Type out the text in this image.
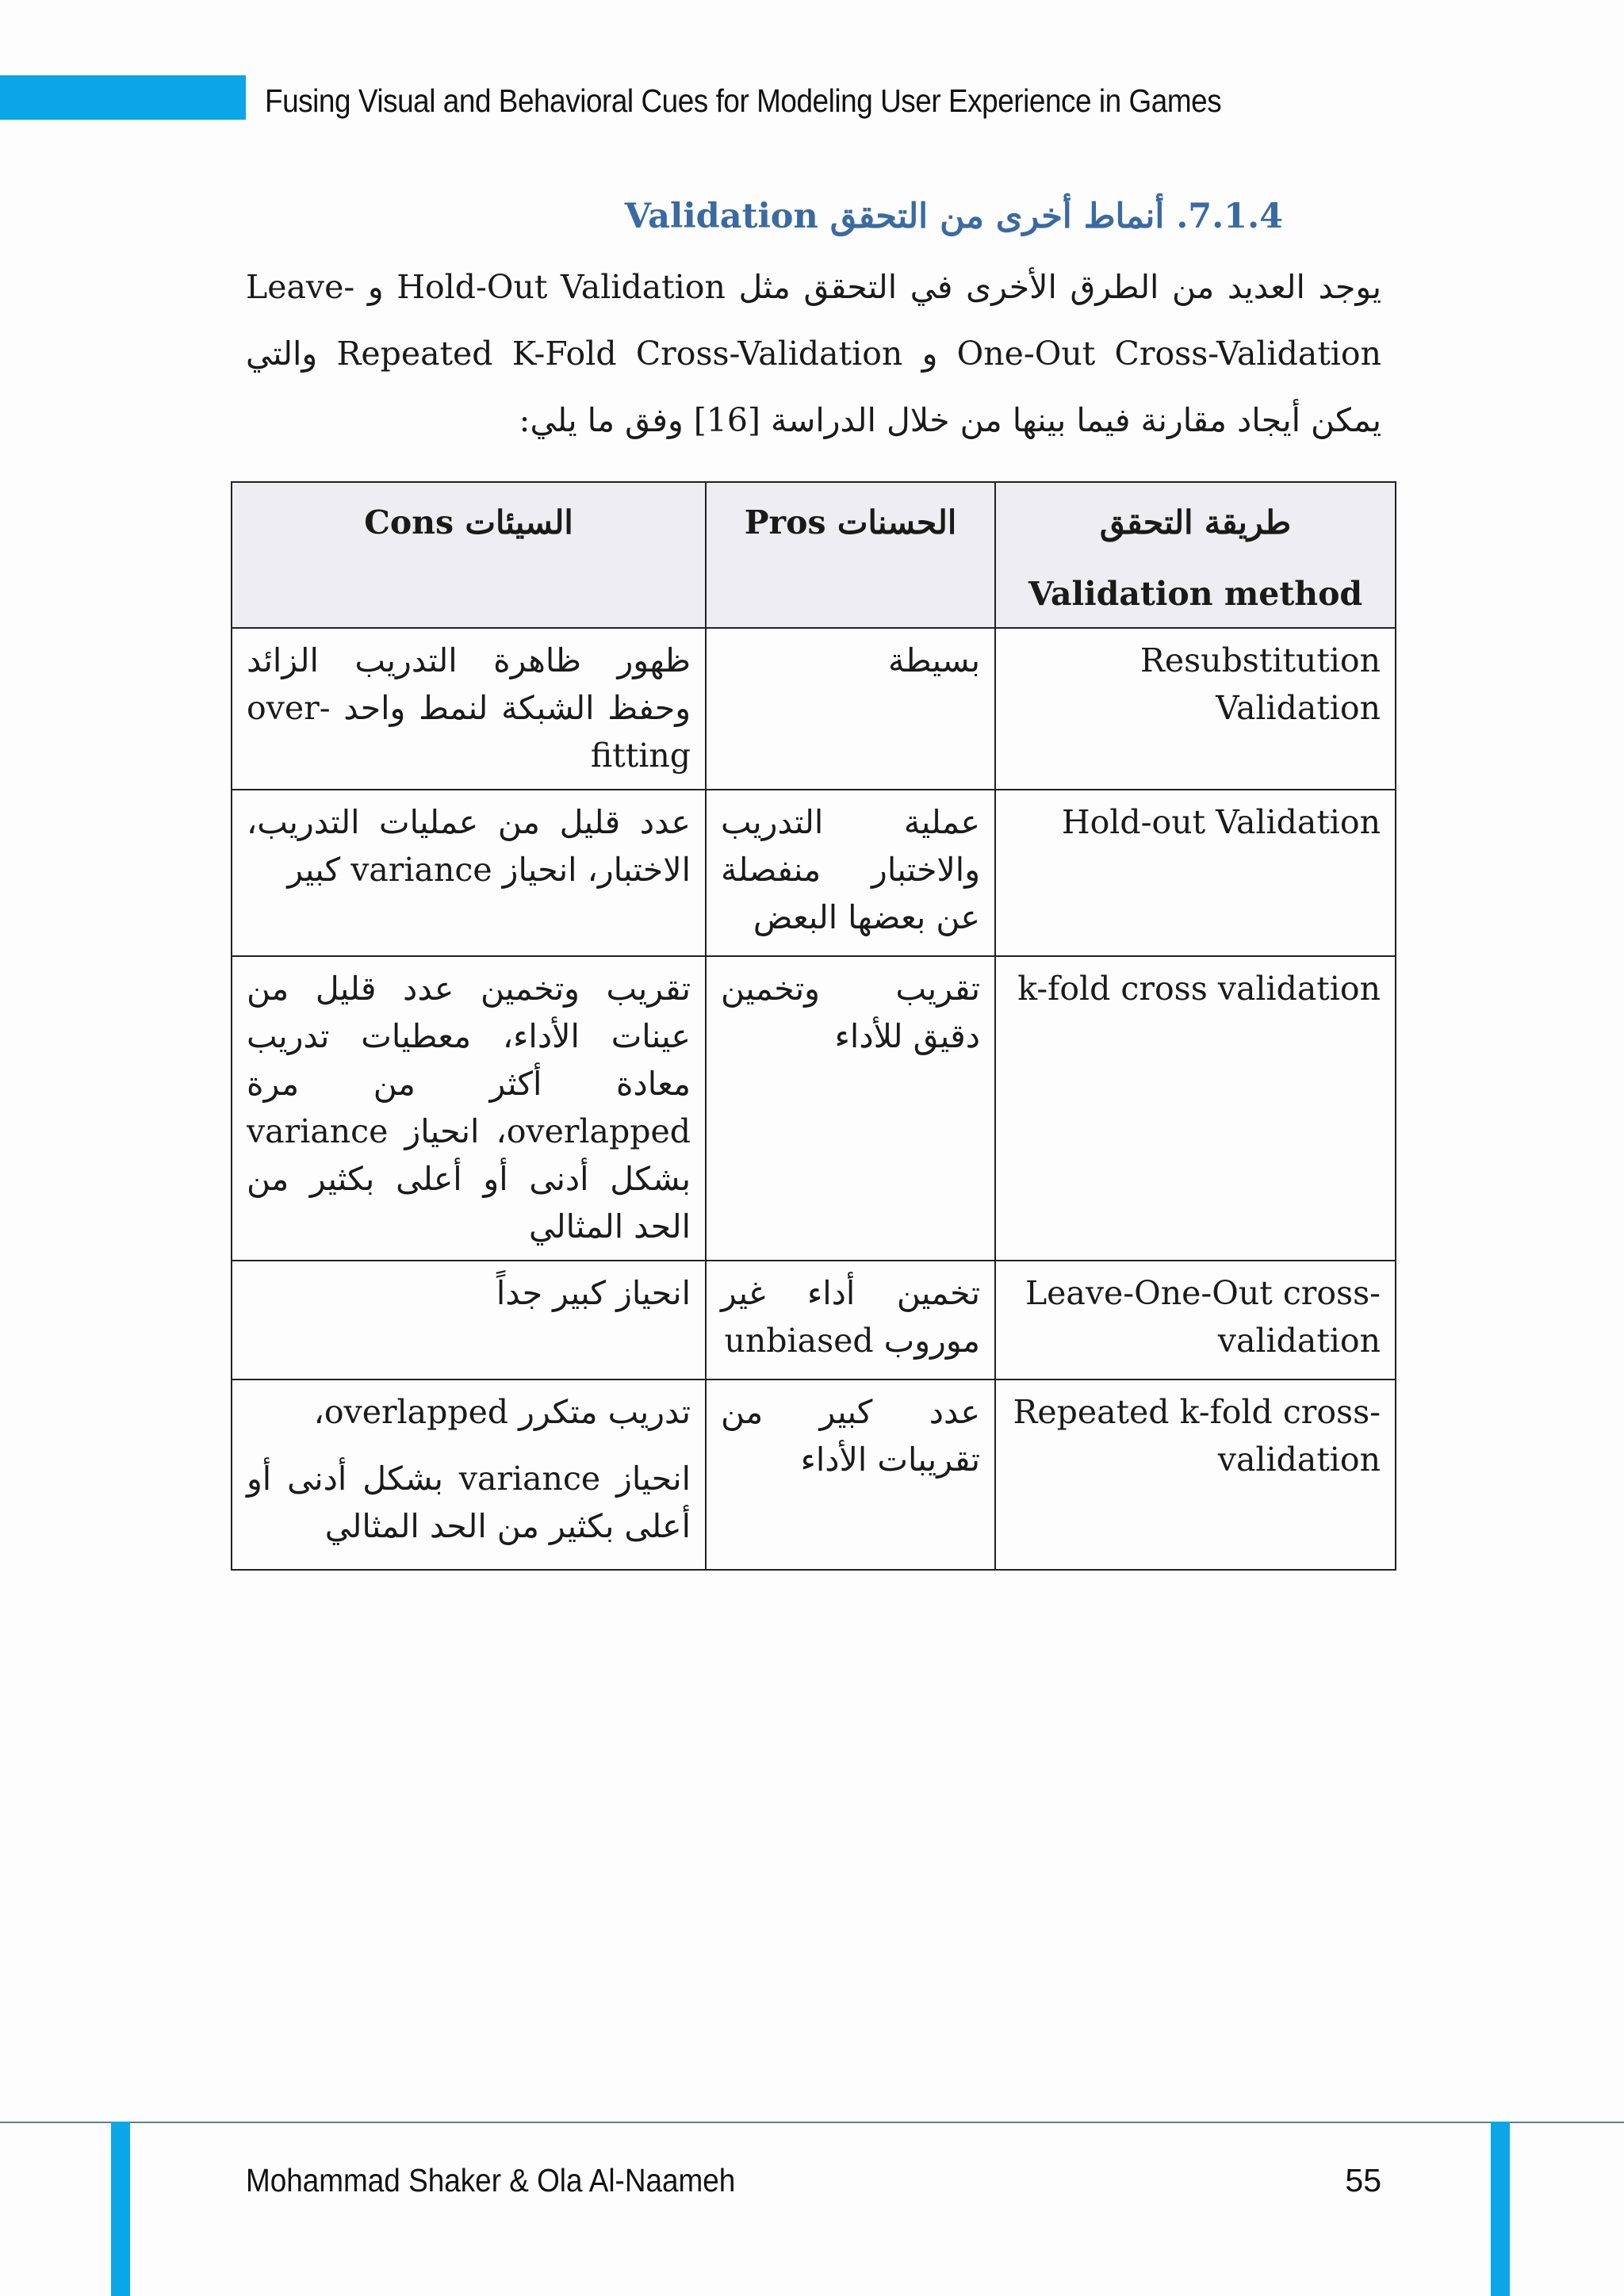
Fusing Visual and Behavioral Cues for Modeling User Experience in Games
7.1.4. أنماط أخرى من التحقق Validation
يوجد العديد من الطرق الأخرى في التحقق مثل Hold-Out Validation و Leave-One-Out Cross-Validation و Repeated K-Fold Cross-Validation والتي يمكن أيجاد مقارنة فيما بينها من خلال الدراسة [16] وفق ما يلي:
طريقة التحقق
Validation method	الحسنات Pros	السيئات Cons
Resubstitution Validation	بسيطة	ظهور ظاهرة التدريب الزائد وحفظ الشبكة لنمط واحد over-fitting
Hold-out Validation	عملية التدريب والاختبار منفصلة عن بعضها البعض	عدد قليل من عمليات التدريب، الاختبار، انحياز variance كبير
k-fold cross validation	تقريب وتخمين دقيق للأداء	تقريب وتخمين عدد قليل من عينات الأداء، معطيات تدريب معادة أكثر من مرة overlapped، انحياز variance بشكل أدنى أو أعلى بكثير من الحد المثالي
Leave-One-Out cross-validation	تخمين أداء غير موروب unbiased	انحياز كبير جداً
Repeated k-fold cross-validation	عدد كبير من تقريبات الأداء	تدريب متكرر overlapped،
انحياز variance بشكل أدنى أو أعلى بكثير من الحد المثالي
Mohammad Shaker & Ola Al-Naameh	55
